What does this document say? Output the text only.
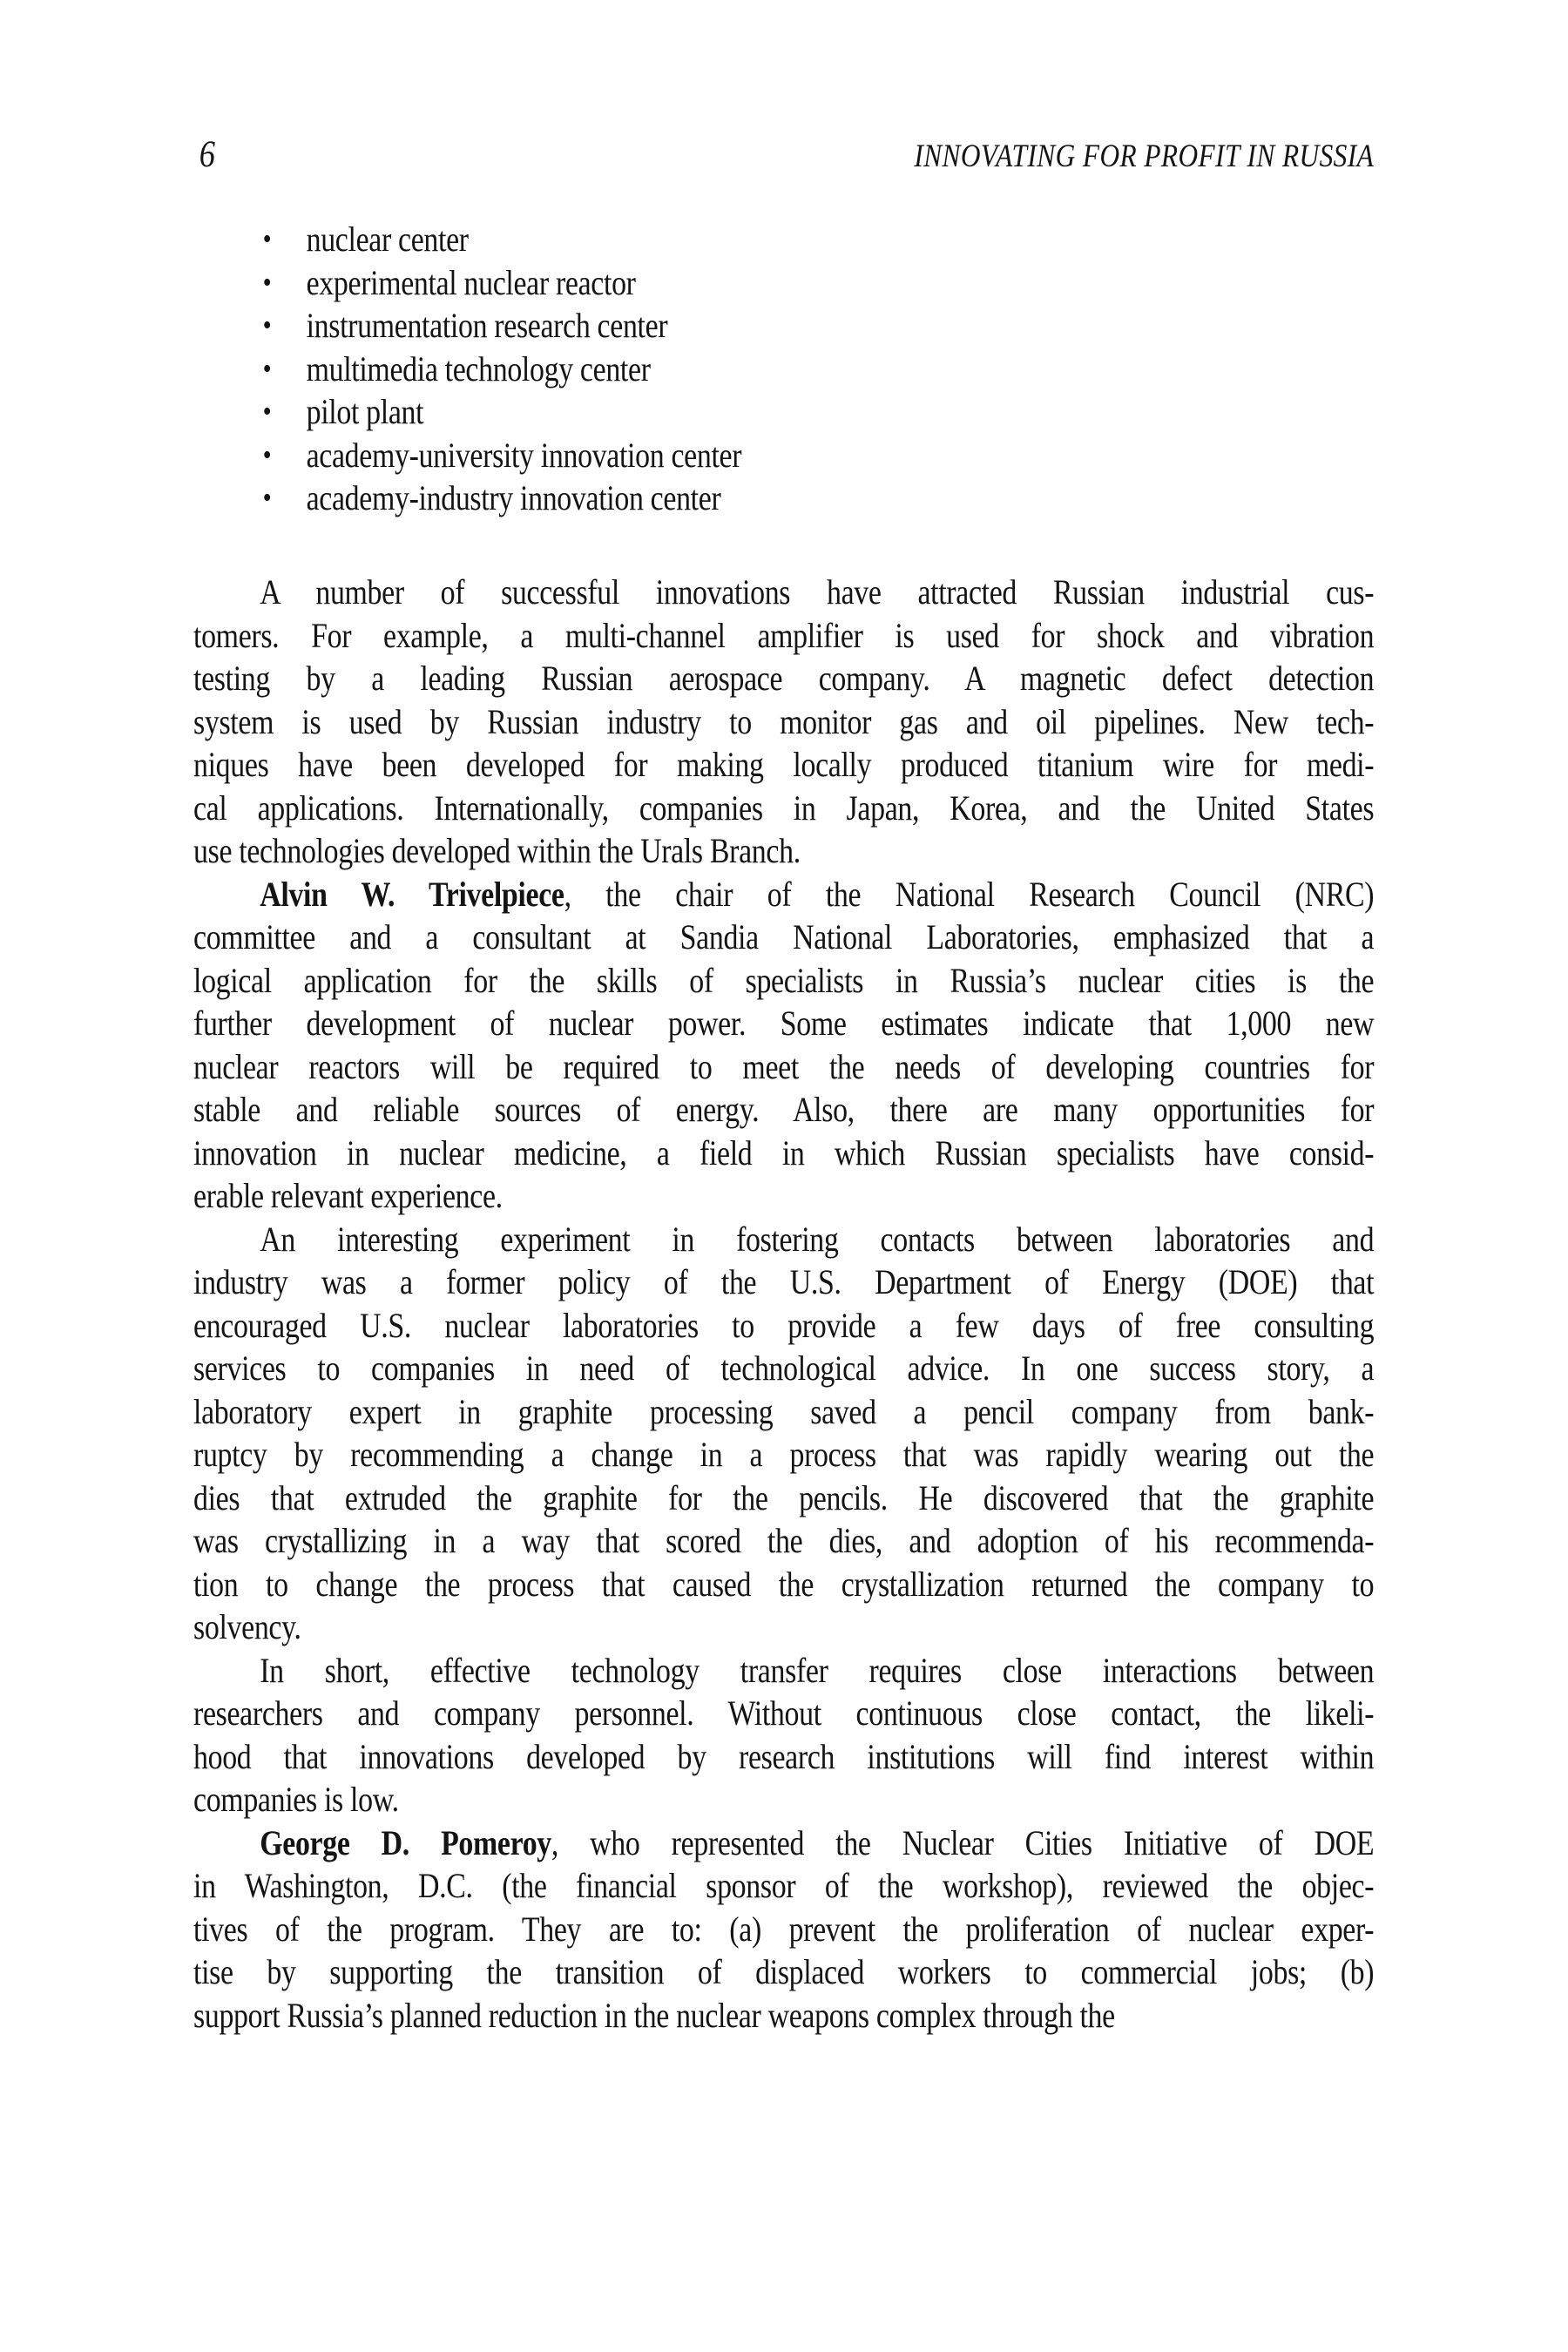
6	INNOVATING FOR PROFIT IN RUSSIA
• nuclear center
• experimental nuclear reactor
• instrumentation research center
• multimedia technology center
• pilot plant
• academy-university innovation center
• academy-industry innovation center

A number of successful innovations have attracted Russian industrial cus-
tomers. For example, a multi-channel amplifier is used for shock and vibration
testing by a leading Russian aerospace company. A magnetic defect detection
system is used by Russian industry to monitor gas and oil pipelines. New tech-
niques have been developed for making locally produced titanium wire for medi-
cal applications. Internationally, companies in Japan, Korea, and the United States
use technologies developed within the Urals Branch.

Alvin W. Trivelpiece, the chair of the National Research Council (NRC)
committee and a consultant at Sandia National Laboratories, emphasized that a
logical application for the skills of specialists in Russia’s nuclear cities is the
further development of nuclear power. Some estimates indicate that 1,000 new
nuclear reactors will be required to meet the needs of developing countries for
stable and reliable sources of energy. Also, there are many opportunities for
innovation in nuclear medicine, a field in which Russian specialists have consid-
erable relevant experience.

An interesting experiment in fostering contacts between laboratories and
industry was a former policy of the U.S. Department of Energy (DOE) that
encouraged U.S. nuclear laboratories to provide a few days of free consulting
services to companies in need of technological advice. In one success story, a
laboratory expert in graphite processing saved a pencil company from bank-
ruptcy by recommending a change in a process that was rapidly wearing out the
dies that extruded the graphite for the pencils. He discovered that the graphite
was crystallizing in a way that scored the dies, and adoption of his recommenda-
tion to change the process that caused the crystallization returned the company to
solvency.

In short, effective technology transfer requires close interactions between
researchers and company personnel. Without continuous close contact, the likeli-
hood that innovations developed by research institutions will find interest within
companies is low.

George D. Pomeroy, who represented the Nuclear Cities Initiative of DOE
in Washington, D.C. (the financial sponsor of the workshop), reviewed the objec-
tives of the program. They are to: (a) prevent the proliferation of nuclear exper-
tise by supporting the transition of displaced workers to commercial jobs; (b)
support Russia’s planned reduction in the nuclear weapons complex through the
